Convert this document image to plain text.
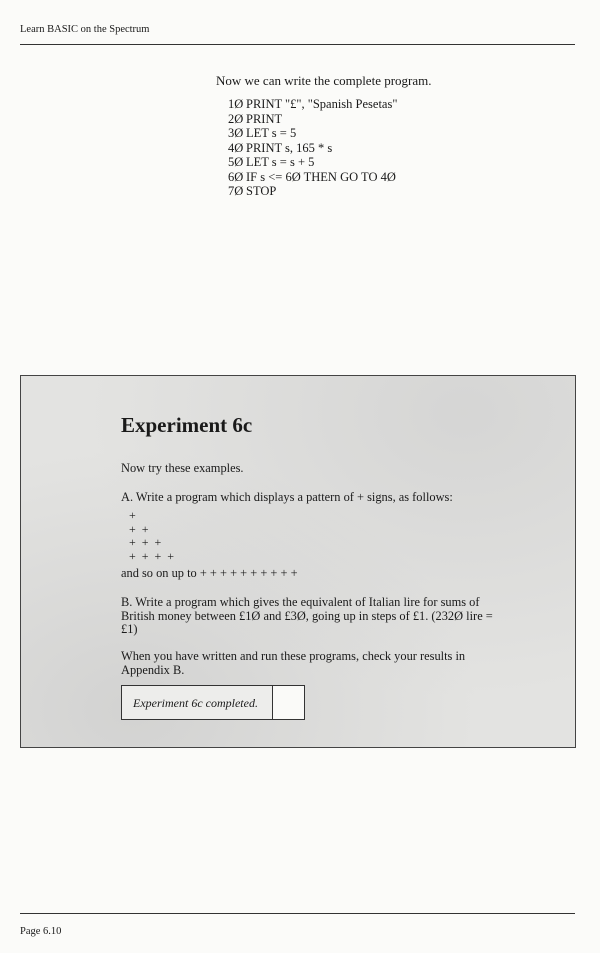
Learn BASIC on the Spectrum
Now we can write the complete program.
1Ø PRINT "£", "Spanish Pesetas"
2Ø PRINT
3Ø LET s = 5
4Ø PRINT s, 165 * s
5Ø LET s = s + 5
6Ø IF s <= 6Ø THEN GO TO 4Ø
7Ø STOP
Experiment 6c

Now try these examples.

A. Write a program which displays a pattern of + signs, as follows:

+
+ +
+ + +
+ + + +

and so on up to + + + + + + + + + +

B. Write a program which gives the equivalent of Italian lire for sums of British money between £1Ø and £3Ø, going up in steps of £1. (232Ø lire = £1)

When you have written and run these programs, check your results in Appendix B.

Experiment 6c completed.
Page 6.10
